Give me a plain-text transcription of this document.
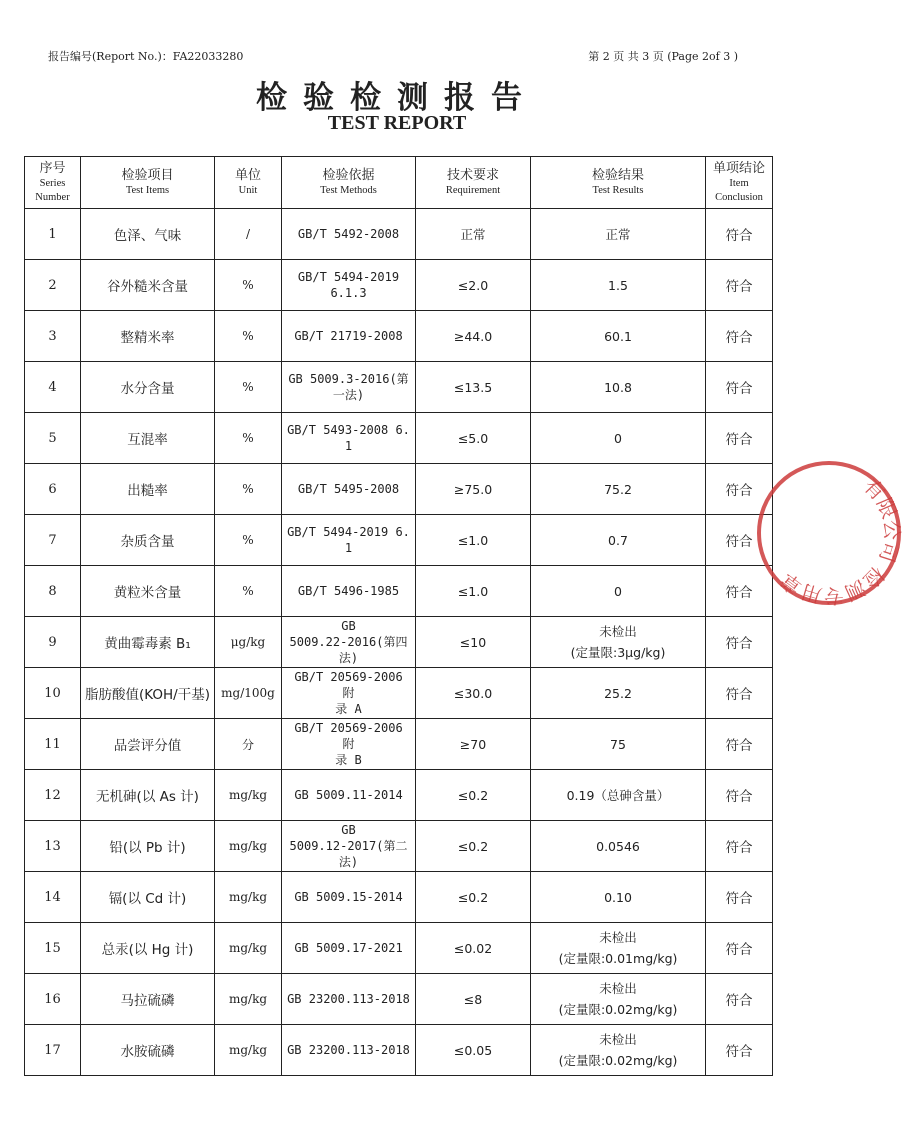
报告编号(Report No.)：FA22033280	第 2 页 共 3 页 (Page 2of 3 )
检验检测报告
TEST REPORT
序号
Series
Number	检验项目
Test Items	单位
Unit	检验依据
Test Methods	技术要求
Requirement	检验结果
Test Results	单项结论
Item
Conclusion

1	色泽、气味	/	GB/T 5492-2008	正常	正常	符合
2	谷外糙米含量	%	GB/T 5494-2019
6.1.3	≤2.0	1.5	符合
3	整精米率	%	GB/T 21719-2008	≥44.0	60.1	符合
4	水分含量	%	GB 5009.3-2016(第
一法)	≤13.5	10.8	符合
5	互混率	%	GB/T 5493-2008 6.1	≤5.0	0	符合
6	出糙率	%	GB/T 5495-2008	≥75.0	75.2	符合
7	杂质含量	%	GB/T 5494-2019 6.1	≤1.0	0.7	符合
8	黄粒米含量	%	GB/T 5496-1985	≤1.0	0	符合
9	黄曲霉毒素 B₁	μg/kg	GB
5009.22-2016(第四
法)	≤10	未检出
(定量限:3μg/kg)	符合
10	脂肪酸值(KOH/干基)	mg/100g	GB/T 20569-2006 附
录 A	≤30.0	25.2	符合
11	品尝评分值	分	GB/T 20569-2006 附
录 B	≥70	75	符合
12	无机砷(以 As 计)	mg/kg	GB 5009.11-2014	≤0.2	0.19（总砷含量）	符合
13	铅(以 Pb 计)	mg/kg	GB
5009.12-2017(第二
法)	≤0.2	0.0546	符合
14	镉(以 Cd 计)	mg/kg	GB 5009.15-2014	≤0.2	0.10	符合
15	总汞(以 Hg 计)	mg/kg	GB 5009.17-2021	≤0.02	未检出
(定量限:0.01mg/kg)	符合
16	马拉硫磷	mg/kg	GB 23200.113-2018	≤8	未检出
(定量限:0.02mg/kg)	符合
17	水胺硫磷	mg/kg	GB 23200.113-2018	≤0.05	未检出
(定量限:0.02mg/kg)	符合
有限公司 检测专用章
